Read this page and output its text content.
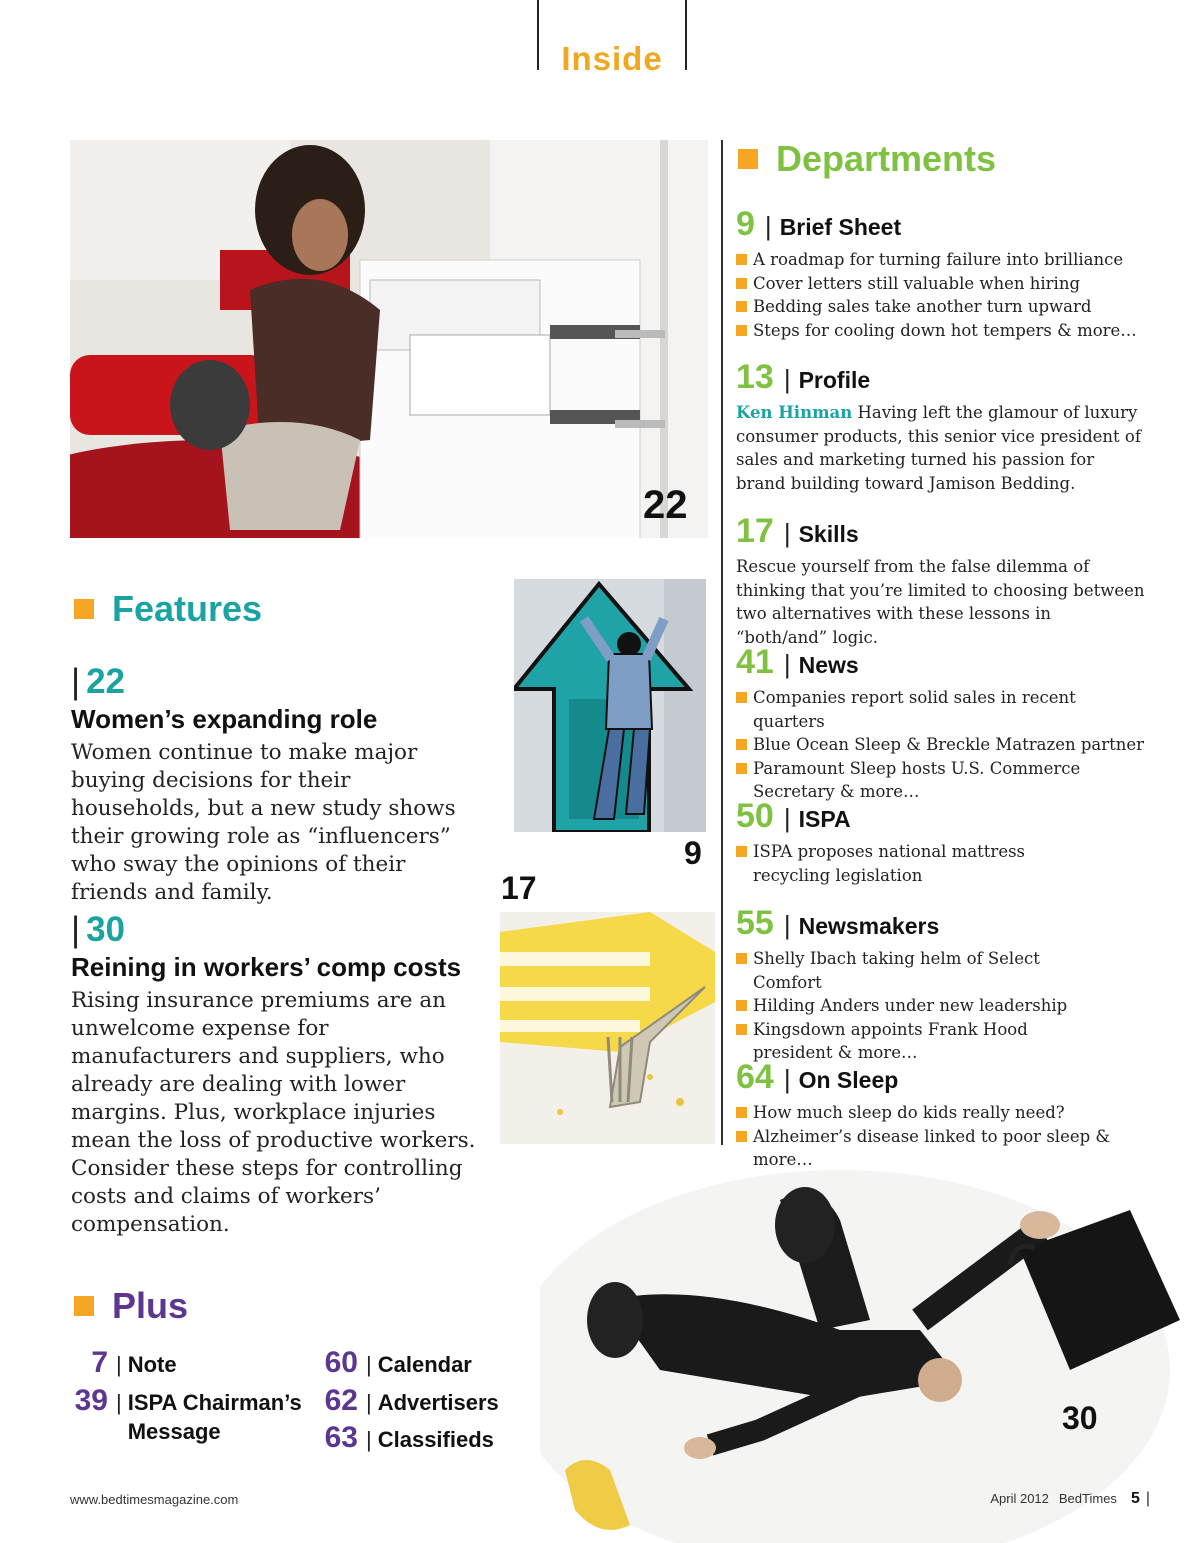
Inside
22
Departments
9 | Brief Sheet
A roadmap for turning failure into brilliance
Cover letters still valuable when hiring
Bedding sales take another turn upward
Steps for cooling down hot tempers & more…
13 | Profile

Ken Hinman Having left the glamour of luxury consumer products, this senior vice president of sales and marketing turned his passion for brand building toward Jamison Bedding.

17 | Skills

Rescue yourself from the false dilemma of thinking that you’re limited to choosing between two alternatives with these lessons in “both/and” logic.

41 | News
Companies report solid sales in recent quarters
Blue Ocean Sleep & Breckle Matrazen partner
Paramount Sleep hosts U.S. Commerce Secretary & more…
50 | ISPA
ISPA proposes national mattress recycling legislation
55 | Newsmakers
Shelly Ibach taking helm of Select Comfort
Hilding Anders under new leadership
Kingsdown appoints Frank Hood president & more…
64 | On Sleep
How much sleep do kids really need?
Alzheimer’s disease linked to poor sleep & more…
Features
| 22
Women’s expanding role
Women continue to make major buying decisions for their households, but a new study shows their growing role as “influencers” who sway the opinions of their friends and family.
| 30
Reining in workers’ comp costs
Rising insurance premiums are an unwelcome expense for manufacturers and suppliers, who already are dealing with lower margins. Plus, workplace injuries mean the loss of productive workers. Consider these steps for controlling costs and claims of workers’ compensation.
9
17
Plus
7 | Note
39 | ISPA Chairman’s Message
60 | Calendar
62 | Advertisers
63 | Classifieds
30
www.bedtimesmagazine.com	April 2012 BedTimes 5 |
